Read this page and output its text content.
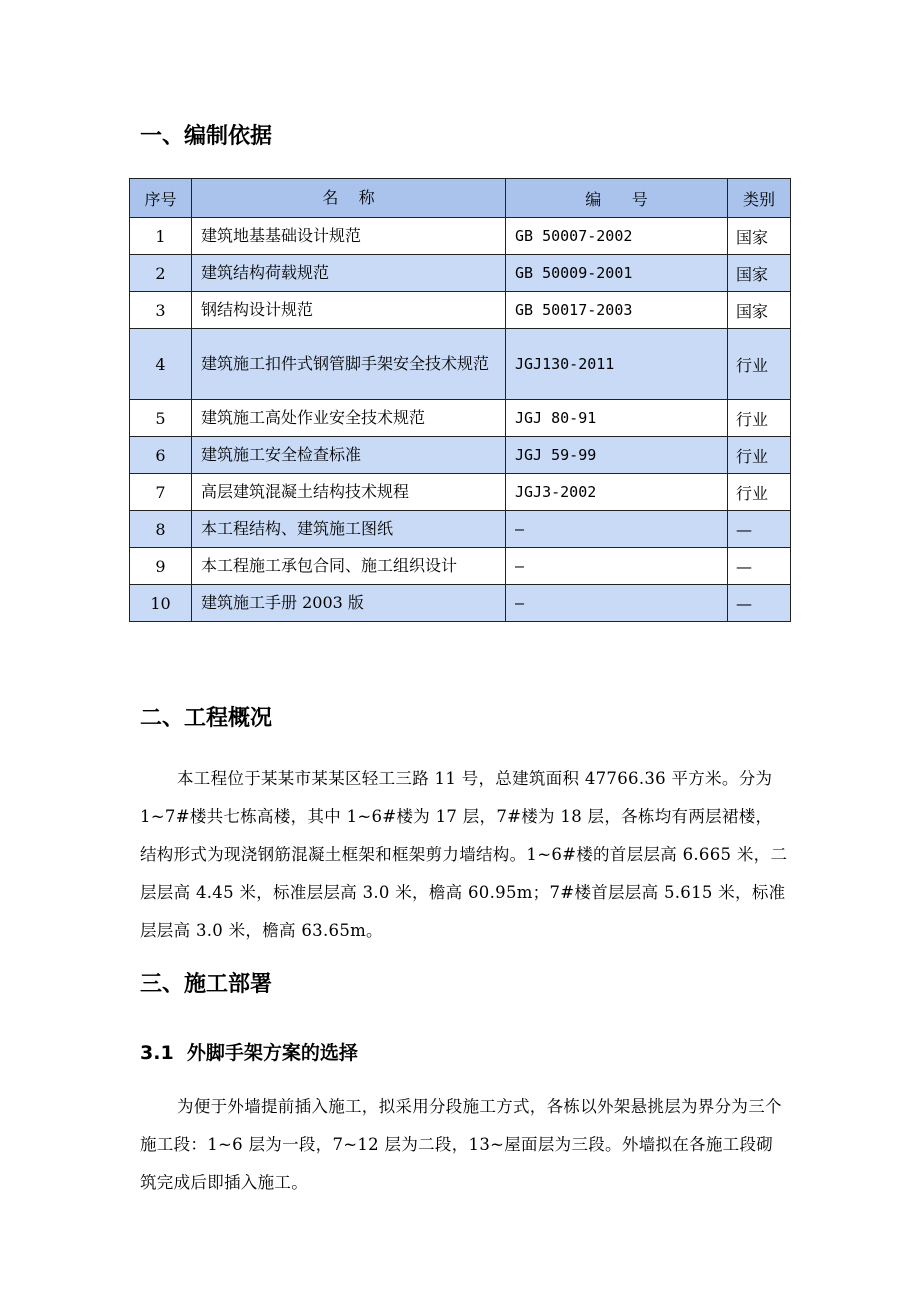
一、编制依据
序号	名    称	编      号	类别
1	建筑地基基础设计规范	GB 50007-2002	国家
2	建筑结构荷载规范	GB 50009-2001	国家
3	钢结构设计规范	GB 50017-2003	国家
4	建筑施工扣件式钢管脚手架安全技术规范	JGJ130-2011	行业
5	建筑施工高处作业安全技术规范	JGJ 80-91	行业
6	建筑施工安全检查标准	JGJ 59-99	行业
7	高层建筑混凝土结构技术规程	JGJ3-2002	行业
8	本工程结构、建筑施工图纸	—	—
9	本工程施工承包合同、施工组织设计	—	—
10	建筑施工手册 2003 版	—	—
二、工程概况

本工程位于某某市某某区轻工三路 11 号，总建筑面积 47766.36 平方米。分为 1~7#楼共七栋高楼，其中 1~6#楼为 17 层，7#楼为 18 层，各栋均有两层裙楼，结构形式为现浇钢筋混凝土框架和框架剪力墙结构。1~6#楼的首层层高 6.665 米，二层层高 4.45 米，标准层层高 3.0 米，檐高 60.95m；7#楼首层层高 5.615 米，标准层层高 3.0 米，檐高 63.65m。

三、施工部署
3.1  外脚手架方案的选择

为便于外墙提前插入施工，拟采用分段施工方式，各栋以外架悬挑层为界分为三个施工段：1~6 层为一段，7~12 层为二段，13~屋面层为三段。外墙拟在各施工段砌筑完成后即插入施工。
